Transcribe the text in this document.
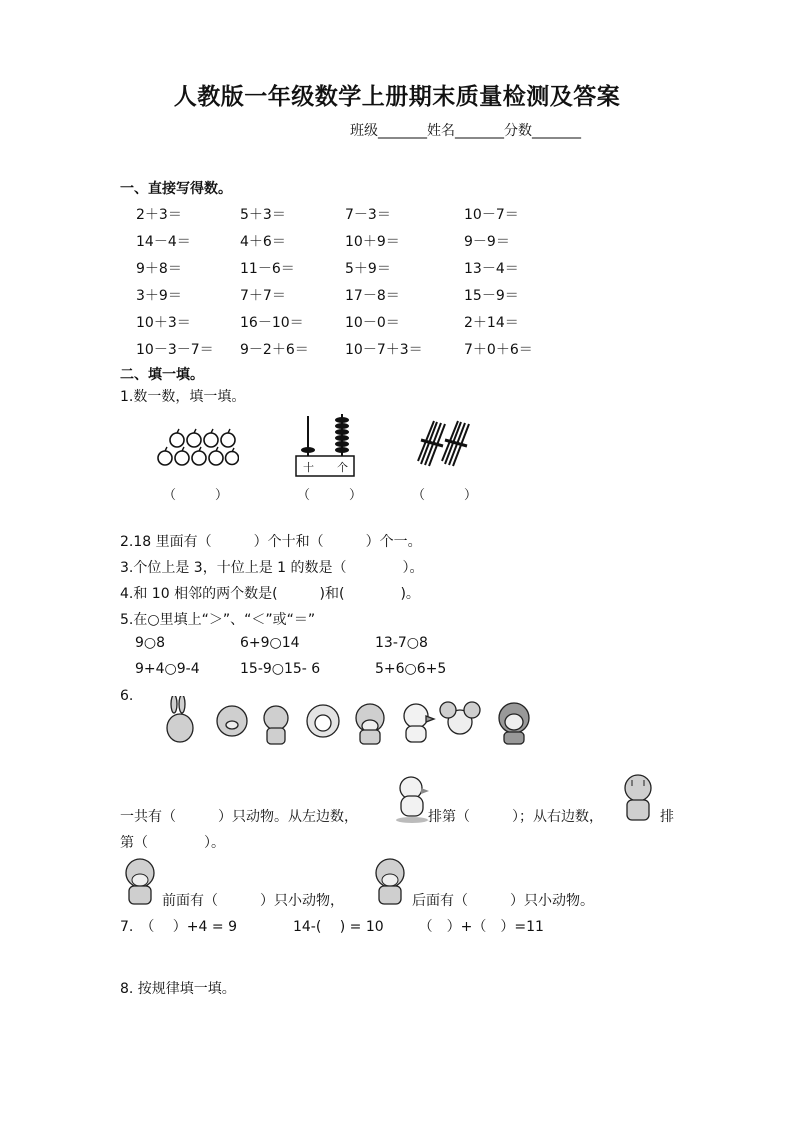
人教版一年级数学上册期末质量检测及答案
班级_______姓名_______分数_______
一、直接写得数。
2＋3＝	5＋3＝	7－3＝	10－7＝
14－4＝	4＋6＝	10＋9＝	9－9＝
9＋8＝	11－6＝	5＋9＝	13－4＝
3＋9＝	7＋7＝	17－8＝	15－9＝
10＋3＝	16－10＝	10－0＝	2＋14＝
10－3－7＝ 9－2＋6＝	10－7＋3＝	7＋0＋6＝
二、填一填。
1.数一数，填一填。
十 个
（　　　）	（　　　）	（　　　）
2.18 里面有（　　　）个十和（　　　）个一。
3.个位上是 3，十位上是 1 的数是（　　　　）。
4.和 10 相邻的两个数是(　　　)和(　　　　)。
5.在○里填上“＞”、“＜”或“＝”
9○8	6+9○14	13-7○8
9+4○9-4	15-9○15- 6	5+6○6+5
6.
一共有（　　　）只动物。从左边数，	排第（　　　）；从右边数，	排
第（　　　　）。
前面有（　　　）只小动物，	后面有（　　　）只小动物。
7.　（　 ）+4 = 9　　　　14-(　 ) = 10　　　（　）+（　）=11
8. 按规律填一填。
